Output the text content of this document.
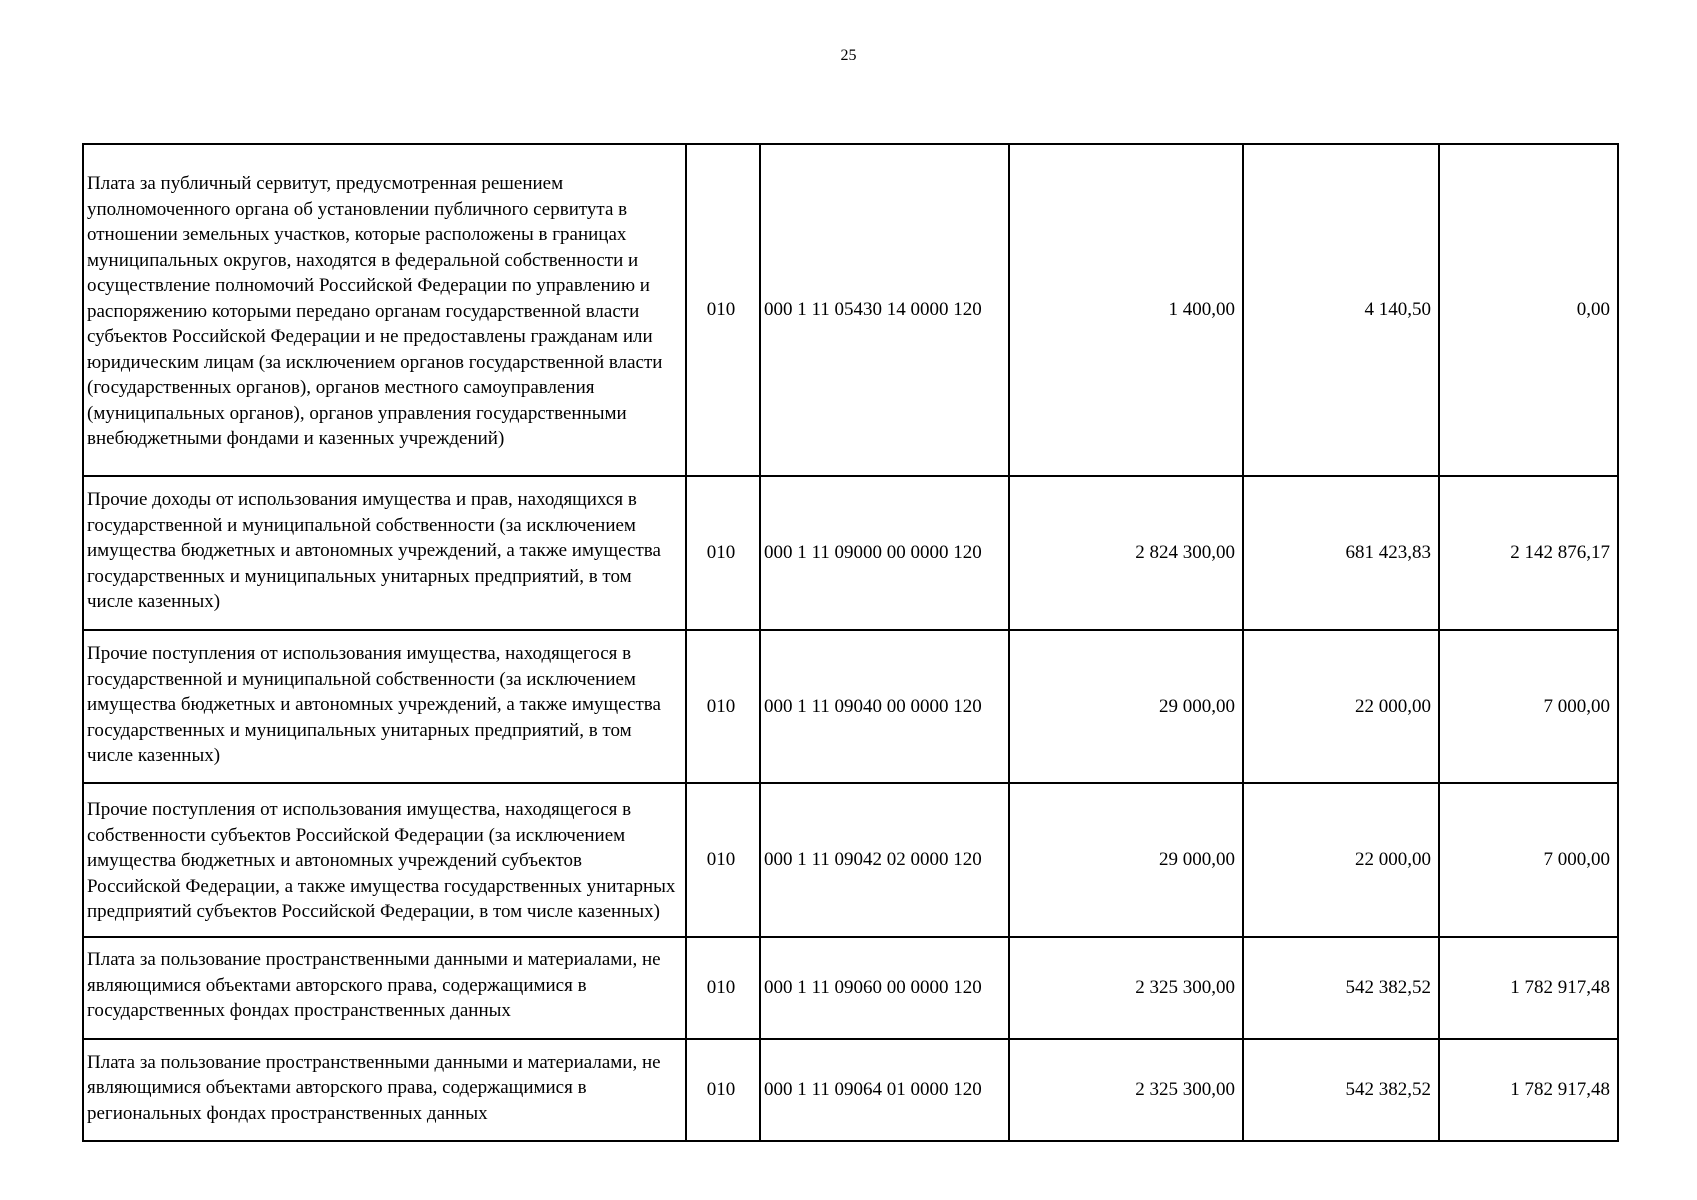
25
Плата за публичный сервитут, предусмотренная решением уполномоченного органа об установлении публичного сервитута в отношении земельных участков, которые расположены в границах муниципальных округов, находятся в федеральной собственности и осуществление полномочий Российской Федерации по управлению и распоряжению которыми передано органам государственной власти субъектов Российской Федерации и не предоставлены гражданам или юридическим лицам (за исключением органов государственной власти (государственных органов), органов местного самоуправления (муниципальных органов), органов управления государственными внебюджетными фондами и казенных учреждений)	010	000 1 11 05430 14 0000 120	1 400,00	4 140,50	0,00
Прочие доходы от использования имущества и прав, находящихся в государственной и муниципальной собственности (за исключением имущества бюджетных и автономных учреждений, а также имущества государственных и муниципальных унитарных предприятий, в том числе казенных)	010	000 1 11 09000 00 0000 120	2 824 300,00	681 423,83	2 142 876,17
Прочие поступления от использования имущества, находящегося в государственной и муниципальной собственности (за исключением имущества бюджетных и автономных учреждений, а также имущества государственных и муниципальных унитарных предприятий, в том числе казенных)	010	000 1 11 09040 00 0000 120	29 000,00	22 000,00	7 000,00
Прочие поступления от использования имущества, находящегося в собственности субъектов Российской Федерации (за исключением имущества бюджетных и автономных учреждений субъектов Российской Федерации, а также имущества государственных унитарных предприятий субъектов Российской Федерации, в том числе казенных)	010	000 1 11 09042 02 0000 120	29 000,00	22 000,00	7 000,00
Плата за пользование пространственными данными и материалами, не являющимися объектами авторского права, содержащимися в государственных фондах пространственных данных	010	000 1 11 09060 00 0000 120	2 325 300,00	542 382,52	1 782 917,48
Плата за пользование пространственными данными и материалами, не являющимися объектами авторского права, содержащимися в региональных фондах пространственных данных	010	000 1 11 09064 01 0000 120	2 325 300,00	542 382,52	1 782 917,48
